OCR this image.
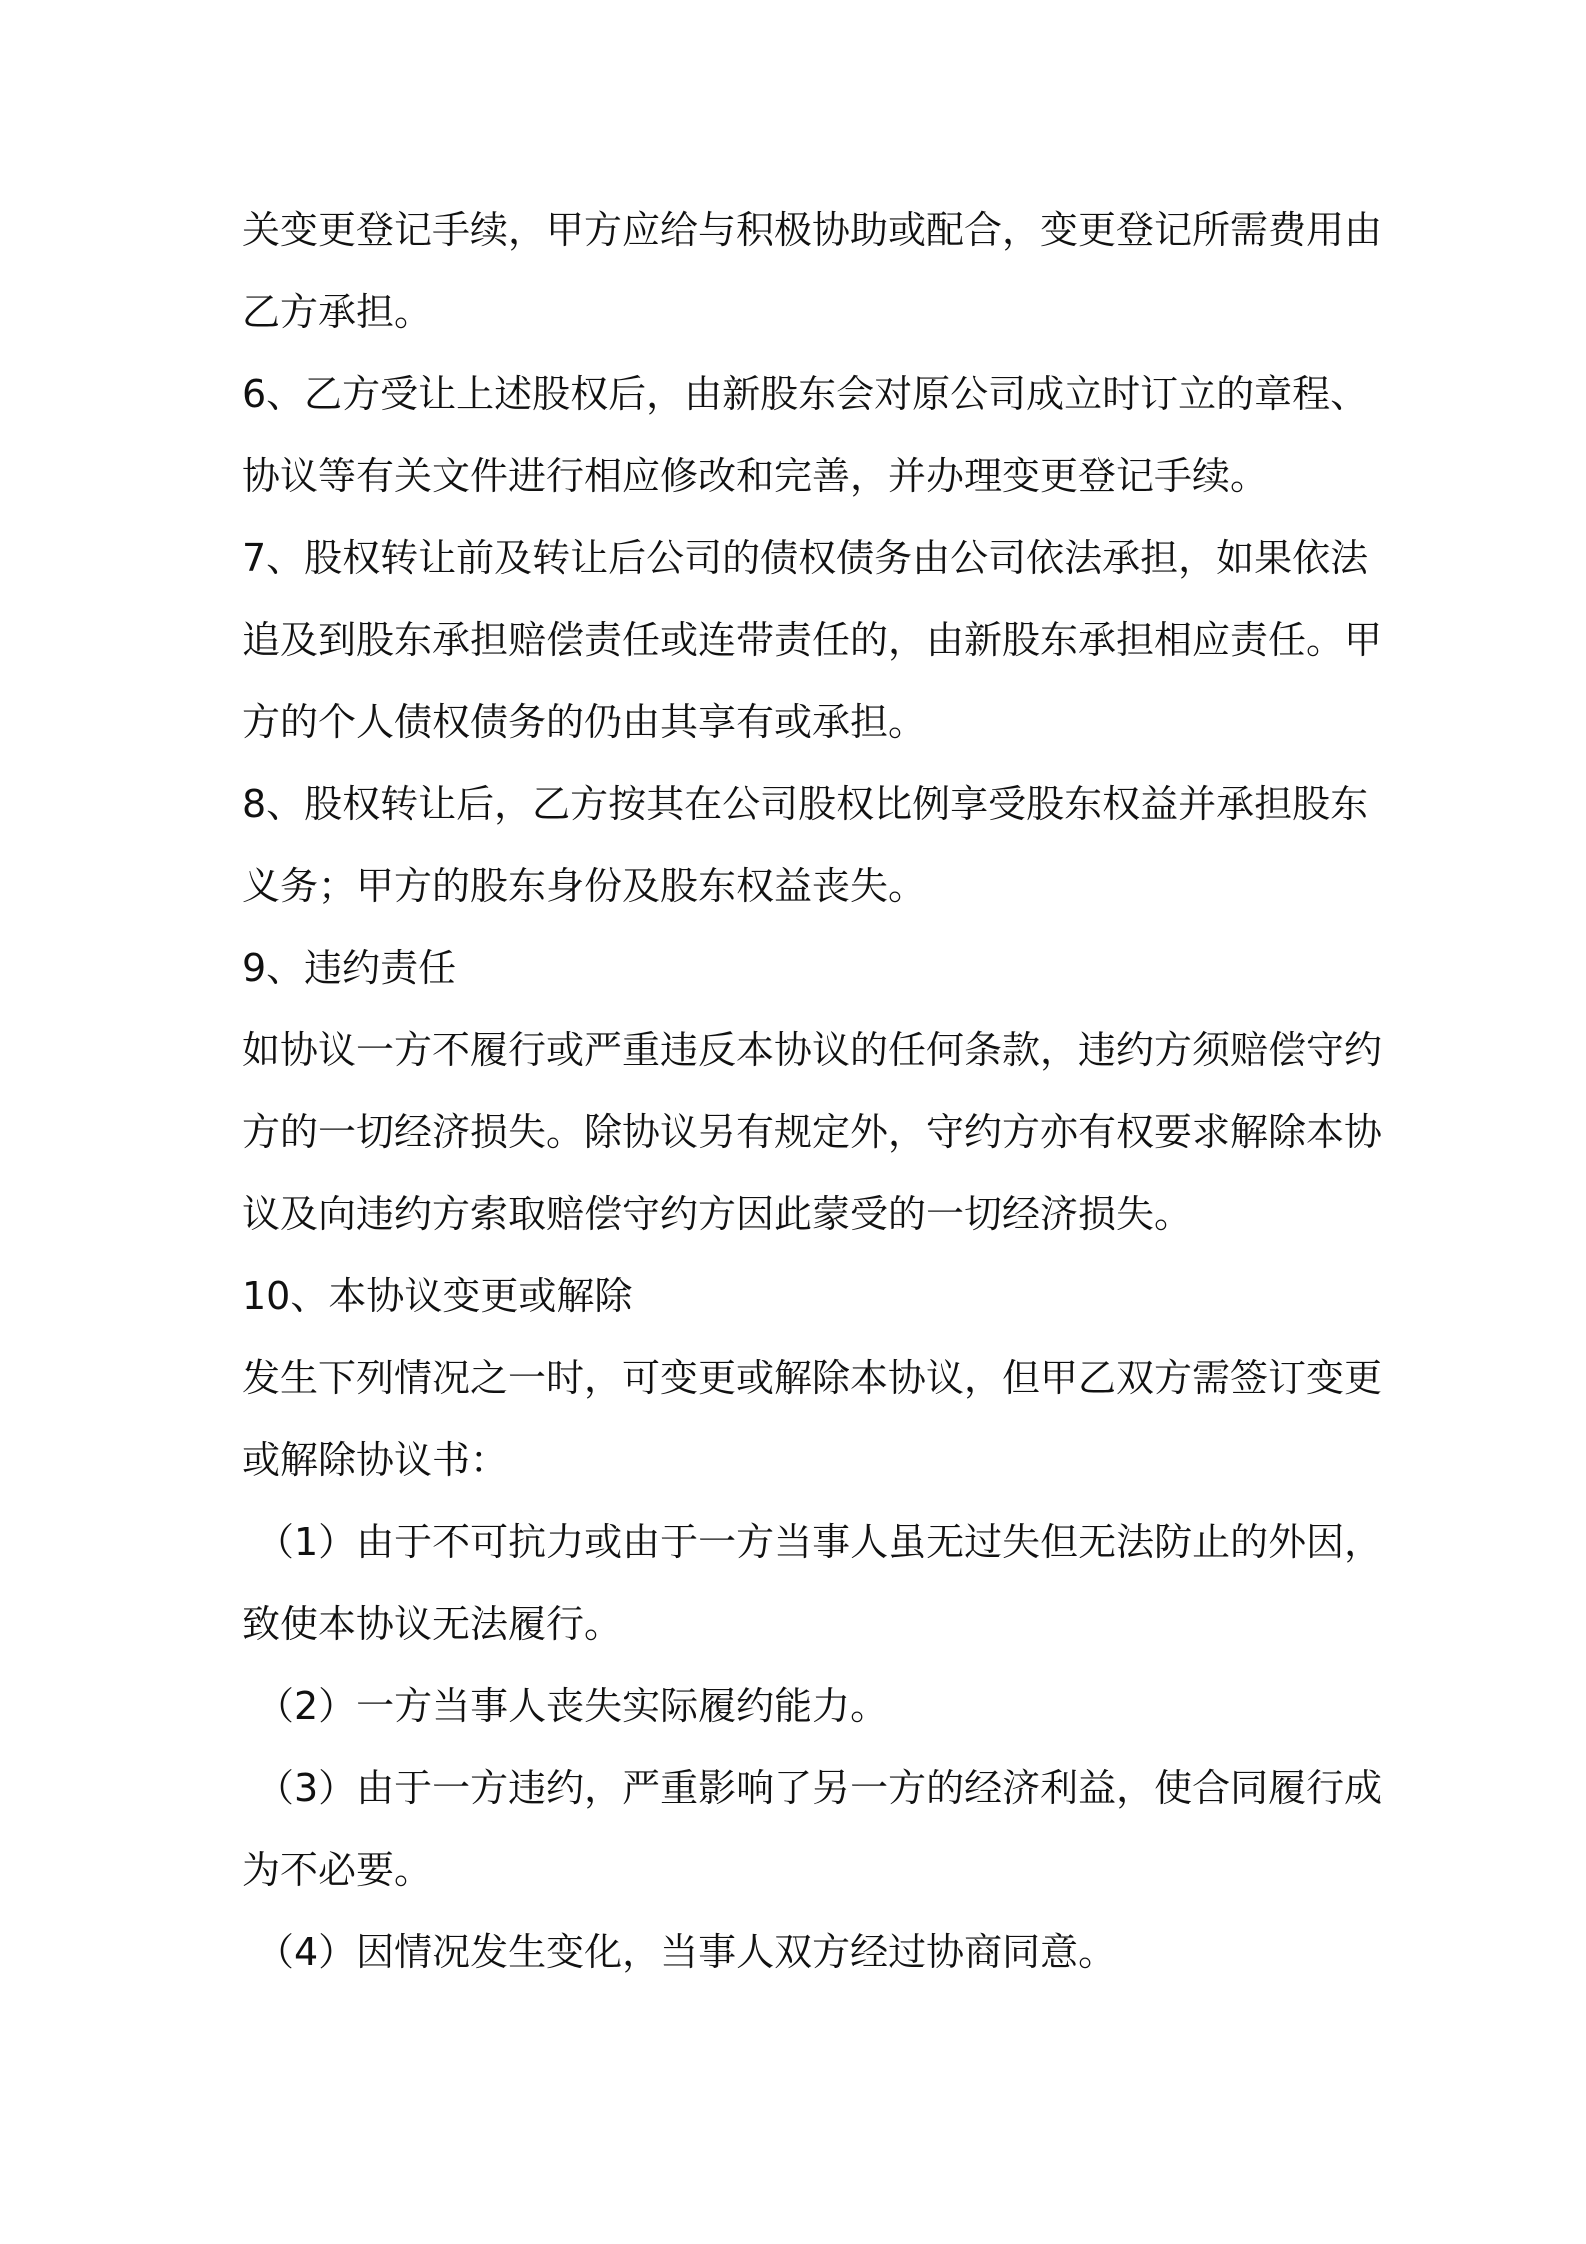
关变更登记手续，甲方应给与积极协助或配合，变更登记所需费用由
乙方承担。
6、乙方受让上述股权后，由新股东会对原公司成立时订立的章程、
协议等有关文件进行相应修改和完善，并办理变更登记手续。
7、股权转让前及转让后公司的债权债务由公司依法承担，如果依法
追及到股东承担赔偿责任或连带责任的，由新股东承担相应责任。甲
方的个人债权债务的仍由其享有或承担。
8、股权转让后，乙方按其在公司股权比例享受股东权益并承担股东
义务；甲方的股东身份及股东权益丧失。
9、违约责任
如协议一方不履行或严重违反本协议的任何条款，违约方须赔偿守约
方的一切经济损失。除协议另有规定外，守约方亦有权要求解除本协
议及向违约方索取赔偿守约方因此蒙受的一切经济损失。
10、本协议变更或解除
发生下列情况之一时，可变更或解除本协议，但甲乙双方需签订变更
或解除协议书：
（1）由于不可抗力或由于一方当事人虽无过失但无法防止的外因，
致使本协议无法履行。
（2）一方当事人丧失实际履约能力。
（3）由于一方违约，严重影响了另一方的经济利益，使合同履行成
为不必要。
（4）因情况发生变化，当事人双方经过协商同意。
